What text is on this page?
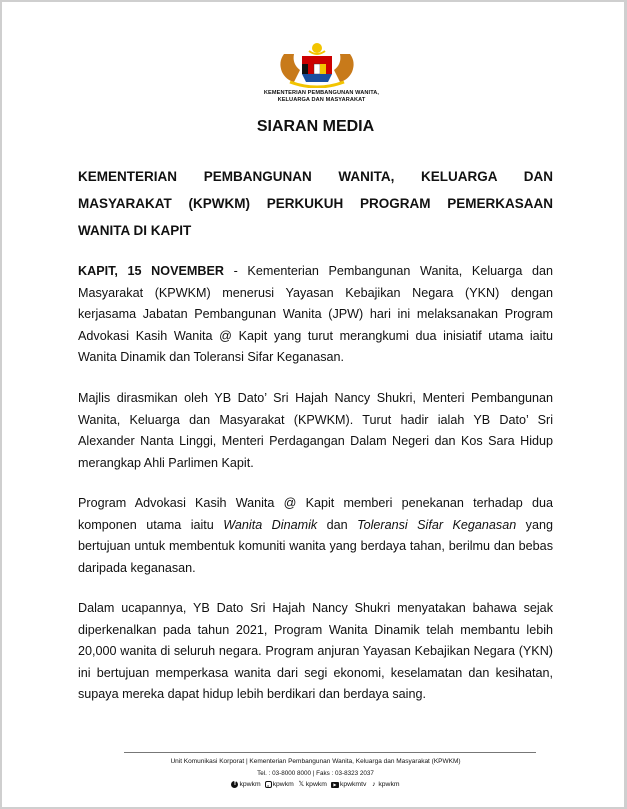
KEMENTERIAN PEMBANGUNAN WANITA,
KELUARGA DAN MASYARAKAT
SIARAN MEDIA
KEMENTERIAN PEMBANGUNAN WANITA, KELUARGA DAN MASYARAKAT (KPWKM) PERKUKUH PROGRAM PEMERKASAAN WANITA DI KAPIT
KAPIT, 15 NOVEMBER - Kementerian Pembangunan Wanita, Keluarga dan Masyarakat (KPWKM) menerusi Yayasan Kebajikan Negara (YKN) dengan kerjasama Jabatan Pembangunan Wanita (JPW) hari ini melaksanakan Program Advokasi Kasih Wanita @ Kapit yang turut merangkumi dua inisiatif utama iaitu Wanita Dinamik dan Toleransi Sifar Keganasan.
Majlis dirasmikan oleh YB Dato’ Sri Hajah Nancy Shukri, Menteri Pembangunan Wanita, Keluarga dan Masyarakat (KPWKM). Turut hadir ialah YB Dato’ Sri Alexander Nanta Linggi, Menteri Perdagangan Dalam Negeri dan Kos Sara Hidup merangkap Ahli Parlimen Kapit.
Program Advokasi Kasih Wanita @ Kapit memberi penekanan terhadap dua komponen utama iaitu Wanita Dinamik dan Toleransi Sifar Keganasan yang bertujuan untuk membentuk komuniti wanita yang berdaya tahan, berilmu dan bebas daripada keganasan.
Dalam ucapannya, YB Dato Sri Hajah Nancy Shukri menyatakan bahawa sejak diperkenalkan pada tahun 2021, Program Wanita Dinamik telah membantu lebih 20,000 wanita di seluruh negara. Program anjuran Yayasan Kebajikan Negara (YKN) ini bertujuan memperkasa wanita dari segi ekonomi, keselamatan dan kesihatan, supaya mereka dapat hidup lebih berdikari dan berdaya saing.
Unit Komunikasi Korporat | Kementerian Pembangunan Wanita, Keluarga dan Masyarakat (KPWKM)
Tel. : 03-8000 8000 | Faks : 03-8323 2037
f kpwkm	o kpwkm 𝕏 kpwkm	▶ kpwkmtv ♪ kpwkm
